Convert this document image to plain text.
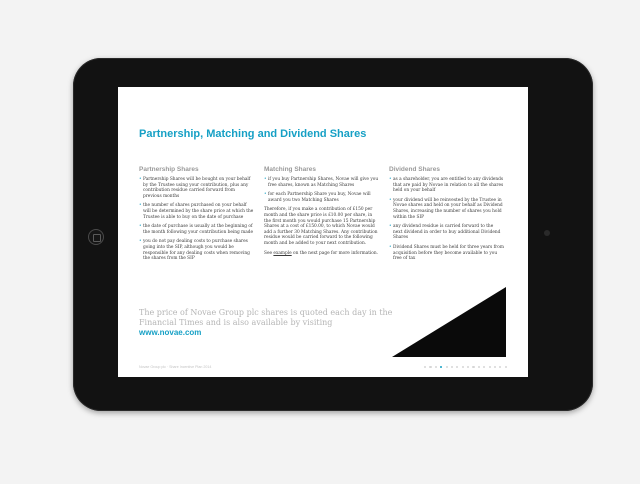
Partnership, Matching and Dividend Shares
Partnership Shares
• Partnership Shares will be bought on your behalf by the Trustee using your contribution, plus any contribution residue carried forward from previous months
• the number of shares purchased on your behalf will be determined by the share price at which the Trustee is able to buy on the date of purchase
• the date of purchase is usually at the beginning of the month following your contribution being made
• you do not pay dealing costs to purchase shares going into the SIP, although you would be responsible for any dealing costs when removing the shares from the SIP
Matching Shares
• if you buy Partnership Shares, Novae will give you free shares, known as Matching Shares
• for each Partnership Share you buy, Novae will award you two Matching Shares

Therefore, if you make a contribution of £150 per month and the share price is £10.00 per share, in the first month you would purchase 15 Partnership Shares at a cost of £150.00, to which Novae would add a further 30 Matching Shares. Any contribution residue would be carried forward to the following month and be added to your next contribution.

See example on the next page for more information.

Dividend Shares
• as a shareholder, you are entitled to any dividends that are paid by Novae in relation to all the shares held on your behalf
• your dividend will be reinvested by the Trustee in Novae shares and held on your behalf as Dividend Shares, increasing the number of shares you hold within the SIP
• any dividend residue is carried forward to the next dividend in order to buy additional Dividend Shares
• Dividend Shares must be held for three years from acquisition before they become available to you free of tax
The price of Novae Group plc shares is quoted each day in the Financial Times and is also available by visiting
www.novae.com
Novae Group plc · Share Incentive Plan 2014
